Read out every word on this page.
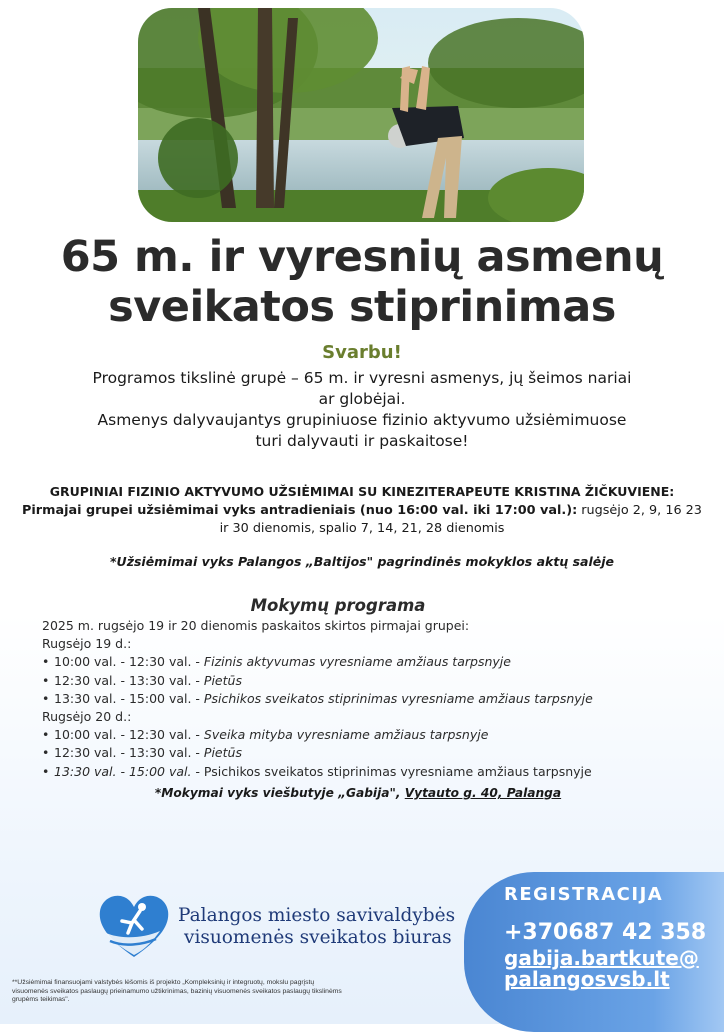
65 m. ir vyresnių asmenų
sveikatos stiprinimas
Svarbu!

Programos tikslinė grupė – 65 m. ir vyresni asmenys, jų šeimos nariai ar globėjai.

Asmenys dalyvaujantys grupiniuose fizinio aktyvumo užsiėmimuose turi dalyvauti ir paskaitose!

GRUPINIAI FIZINIO AKTYVUMO UŽSIĖMIMAI SU KINEZITERAPEUTE KRISTINA ŽIČKUVIENE:
Pirmajai grupei užsiėmimai vyks antradieniais (nuo 16:00 val. iki 17:00 val.): rugsėjo 2, 9, 16 23 ir 30 dienomis, spalio 7, 14, 21, 28 dienomis
*Užsiėmimai vyks Palangos „Baltijos" pagrindinės mokyklos aktų salėje
Mokymų programa
2025 m. rugsėjo 19 ir 20 dienomis paskaitos skirtos pirmajai grupei:
Rugsėjo 19 d.:
• 10:00 val. - 12:30 val. - Fizinis aktyvumas vyresniame amžiaus tarpsnyje
• 12:30 val. - 13:30 val. - Pietūs
• 13:30 val. - 15:00 val. - Psichikos sveikatos stiprinimas vyresniame amžiaus tarpsnyje
Rugsėjo 20 d.:
• 10:00 val. - 12:30 val. - Sveika mityba vyresniame amžiaus tarpsnyje
• 12:30 val. - 13:30 val. - Pietūs
• 13:30 val. - 15:00 val. - Psichikos sveikatos stiprinimas vyresniame amžiaus tarpsnyje
*Mokymai vyks viešbutyje „Gabija", Vytauto g. 40, Palanga
Palangos miesto savivaldybės
visuomenės sveikatos biuras
**Užsiėmimai finansuojami valstybės lėšomis iš projekto „Kompleksinių ir integruotų, mokslu pagrįstų visuomenės sveikatos paslaugų prieinamumo užtikrinimas, bazinių visuomenės sveikatos paslaugų tikslinėms grupėms teikimas".
REGISTRACIJA
+370687 42 358
gabija.bartkute@
palangosvsb.lt
